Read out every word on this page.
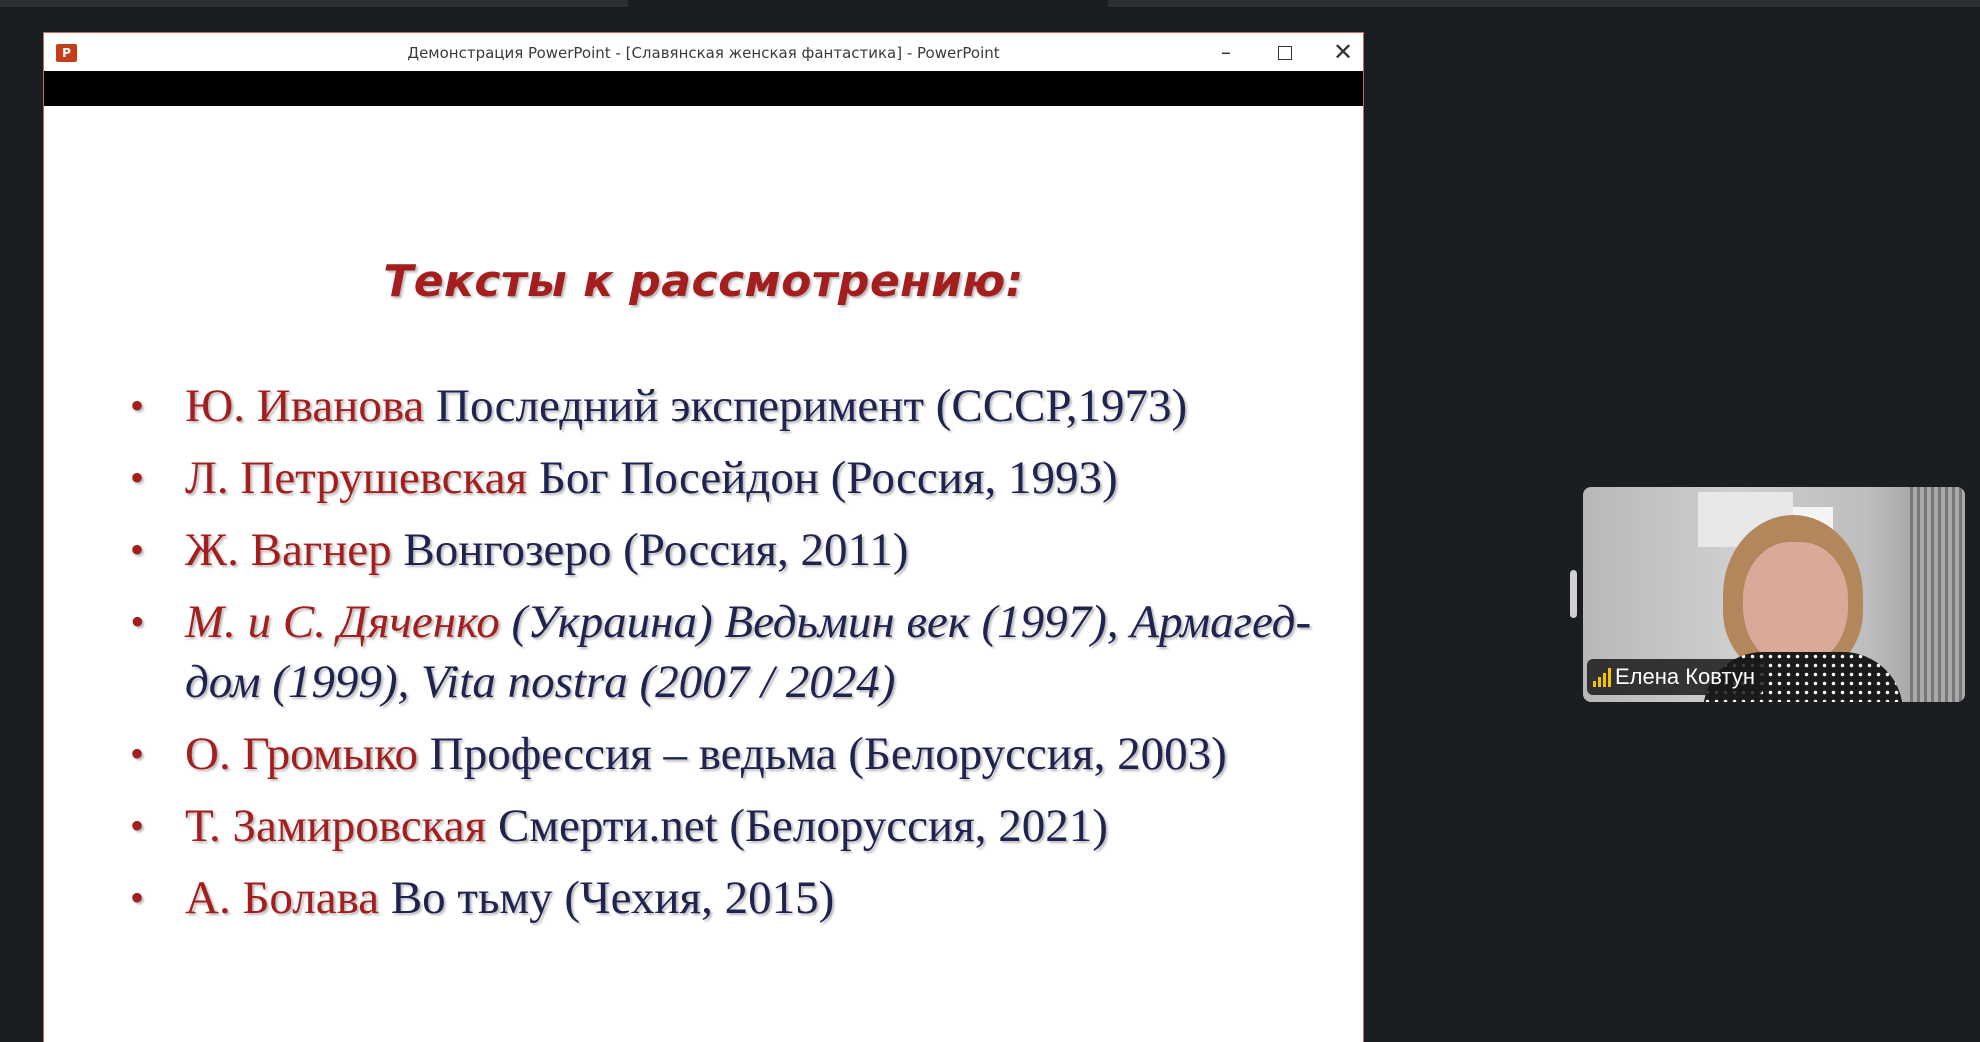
P	Демонстрация PowerPoint - [Славянская женская фантастика] - PowerPoint	–	✕
Тексты к рассмотрению:
• Ю. Иванова Последний эксперимент (СССР,1973)
• Л. Петрушевская Бог Посейдон (Россия, 1993)
• Ж. Вагнер Вонгозеро (Россия, 2011)
• М. и С. Дяченко (Украина) Ведьмин век (1997), Армагед-дом (1999), Vita nostra (2007 / 2024)
• О. Громыко Профессия – ведьма (Белоруссия, 2003)
• Т. Замировская Смерти.net (Белоруссия, 2021)
• А. Болава Во тьму (Чехия, 2015)
Елена Ковтун
